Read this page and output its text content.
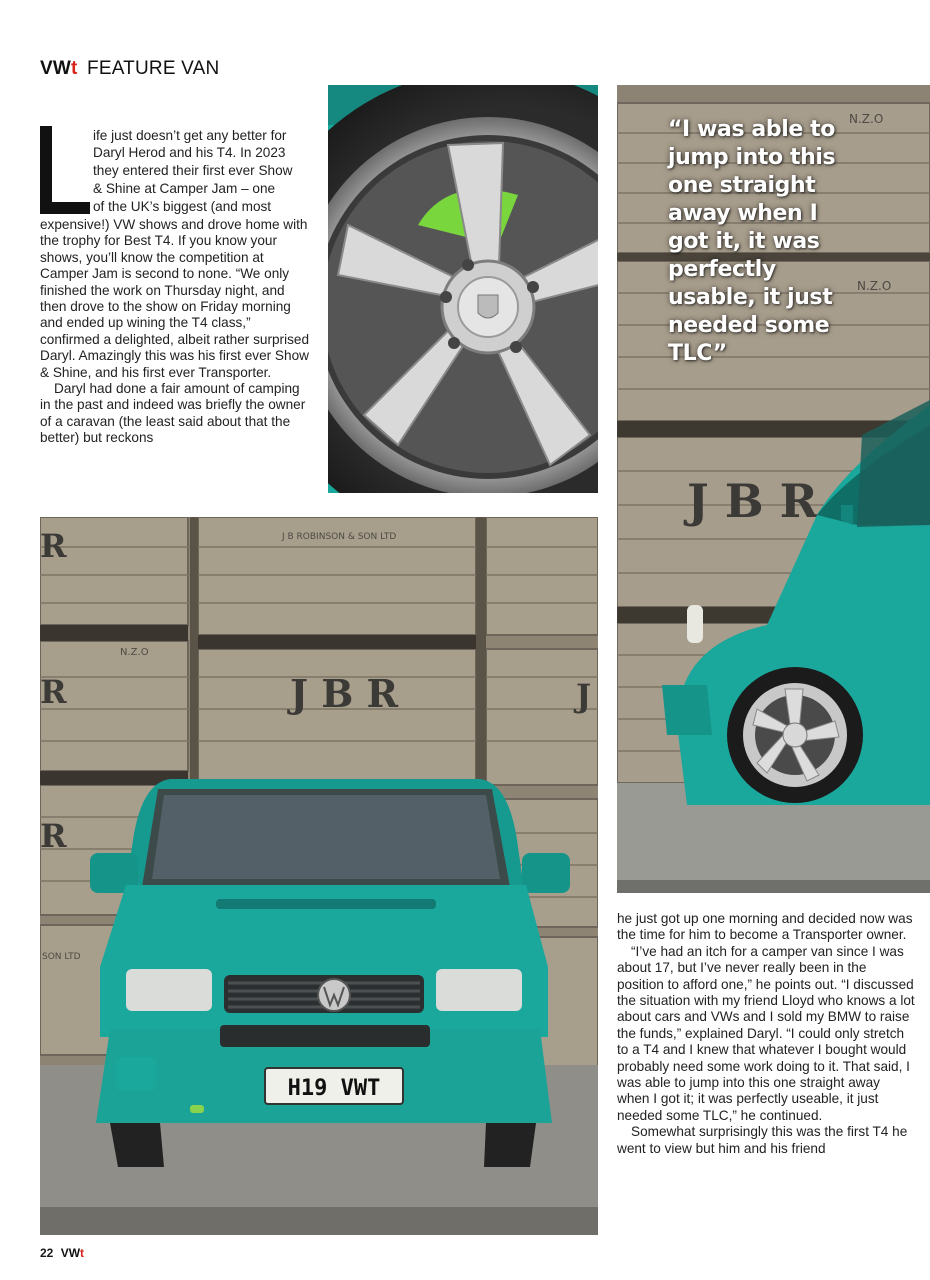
VWt FEATURE VAN
ife just doesn’t get any better for
Daryl Herod and his T4. In 2023
they entered their first ever Show
& Shine at Camper Jam – one
of the UK’s biggest (and most

expensive!) VW shows and drove home with the trophy for Best T4. If you know your shows, you’ll know the competition at Camper Jam is second to none. “We only finished the work on Thursday night, and then drove to the show on Friday morning and ended up wining the T4 class,” confirmed a delighted, albeit rather surprised Daryl. Amazingly this was his first ever Show & Shine, and his first ever Transporter.

Daryl had done a fair amount of camping in the past and indeed was briefly the owner of a caravan (the least said about that the better) but reckons

J B R
N.Z.O
N.Z.O
“I was able to jump into this one straight away when I got it, it was perfectly usable, it just needed some TLC”
J B R
R
R
R
J
J B ROBINSON & SON LTD
N.Z.O
SON LTD
H19 VWT

he just got up one morning and decided now was the time for him to become a Transporter owner.

“I’ve had an itch for a camper van since I was about 17, but I’ve never really been in the position to afford one,” he points out. “I discussed the situation with my friend Lloyd who knows a lot about cars and VWs and I sold my BMW to raise the funds,” explained Daryl. “I could only stretch to a T4 and I knew that whatever I bought would probably need some work doing to it. That said, I was able to jump into this one straight away when I got it; it was perfectly useable, it just needed some TLC,” he continued.

Somewhat surprisingly this was the first T4 he went to view but him and his friend

22 VWt
